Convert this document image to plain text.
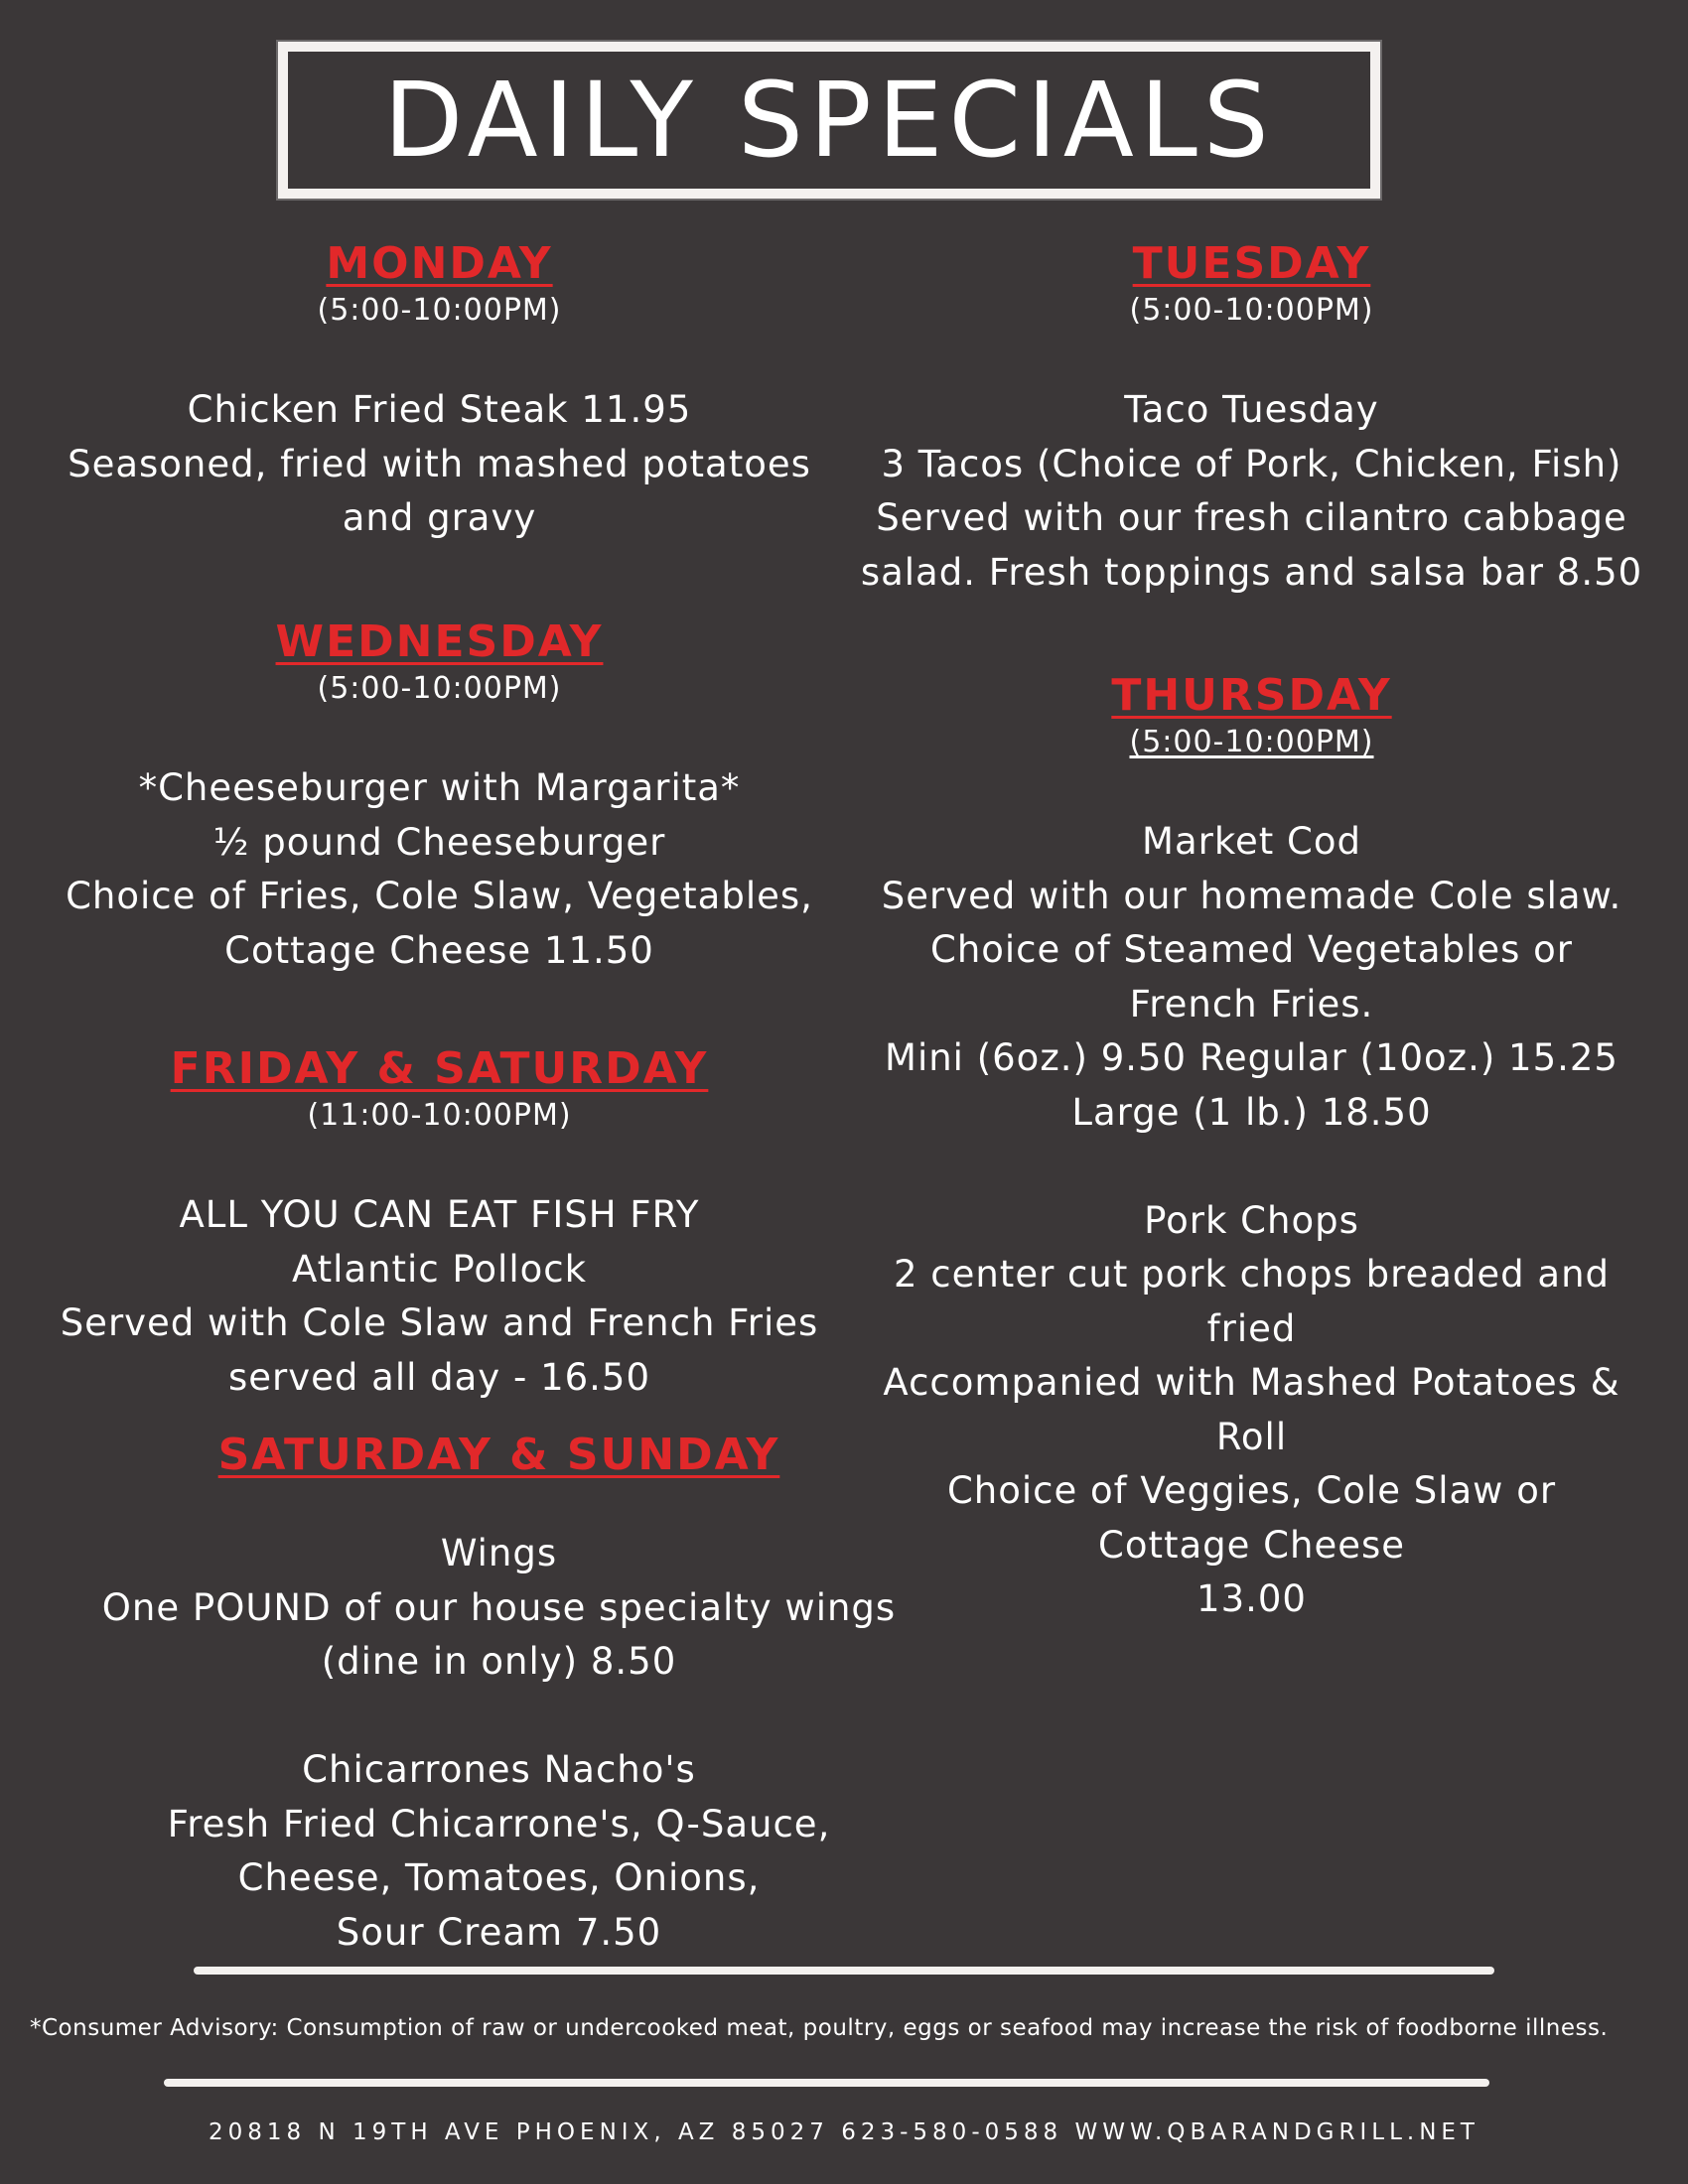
DAILY SPECIALS
MONDAY
(5:00-10:00PM)
Chicken Fried Steak 11.95
Seasoned, fried with mashed potatoes
and gravy
WEDNESDAY
(5:00-10:00PM)
*Cheeseburger with Margarita*
½ pound Cheeseburger
Choice of Fries, Cole Slaw, Vegetables,
Cottage Cheese 11.50
FRIDAY & SATURDAY
(11:00-10:00PM)
ALL YOU CAN EAT FISH FRY
Atlantic Pollock
Served with Cole Slaw and French Fries
served all day - 16.50
SATURDAY & SUNDAY
Wings
One POUND of our house specialty wings
(dine in only) 8.50

Chicarrones Nacho's
Fresh Fried Chicarrone's, Q-Sauce,
Cheese, Tomatoes, Onions,
Sour Cream 7.50
TUESDAY
(5:00-10:00PM)
Taco Tuesday
3 Tacos (Choice of Pork, Chicken, Fish)
Served with our fresh cilantro cabbage
salad. Fresh toppings and salsa bar 8.50
THURSDAY
(5:00-10:00PM)
Market Cod
Served with our homemade Cole slaw.
Choice of Steamed Vegetables or
French Fries.
Mini (6oz.) 9.50 Regular (10oz.) 15.25
Large (1 lb.) 18.50

Pork Chops
2 center cut pork chops breaded and
fried
Accompanied with Mashed Potatoes &
Roll
Choice of Veggies, Cole Slaw or
Cottage Cheese
13.00
*Consumer Advisory: Consumption of raw or undercooked meat, poultry, eggs or seafood may increase the risk of foodborne illness.
20818 N 19TH AVE PHOENIX, AZ 85027 623-580-0588 WWW.QBARANDGRILL.NET
